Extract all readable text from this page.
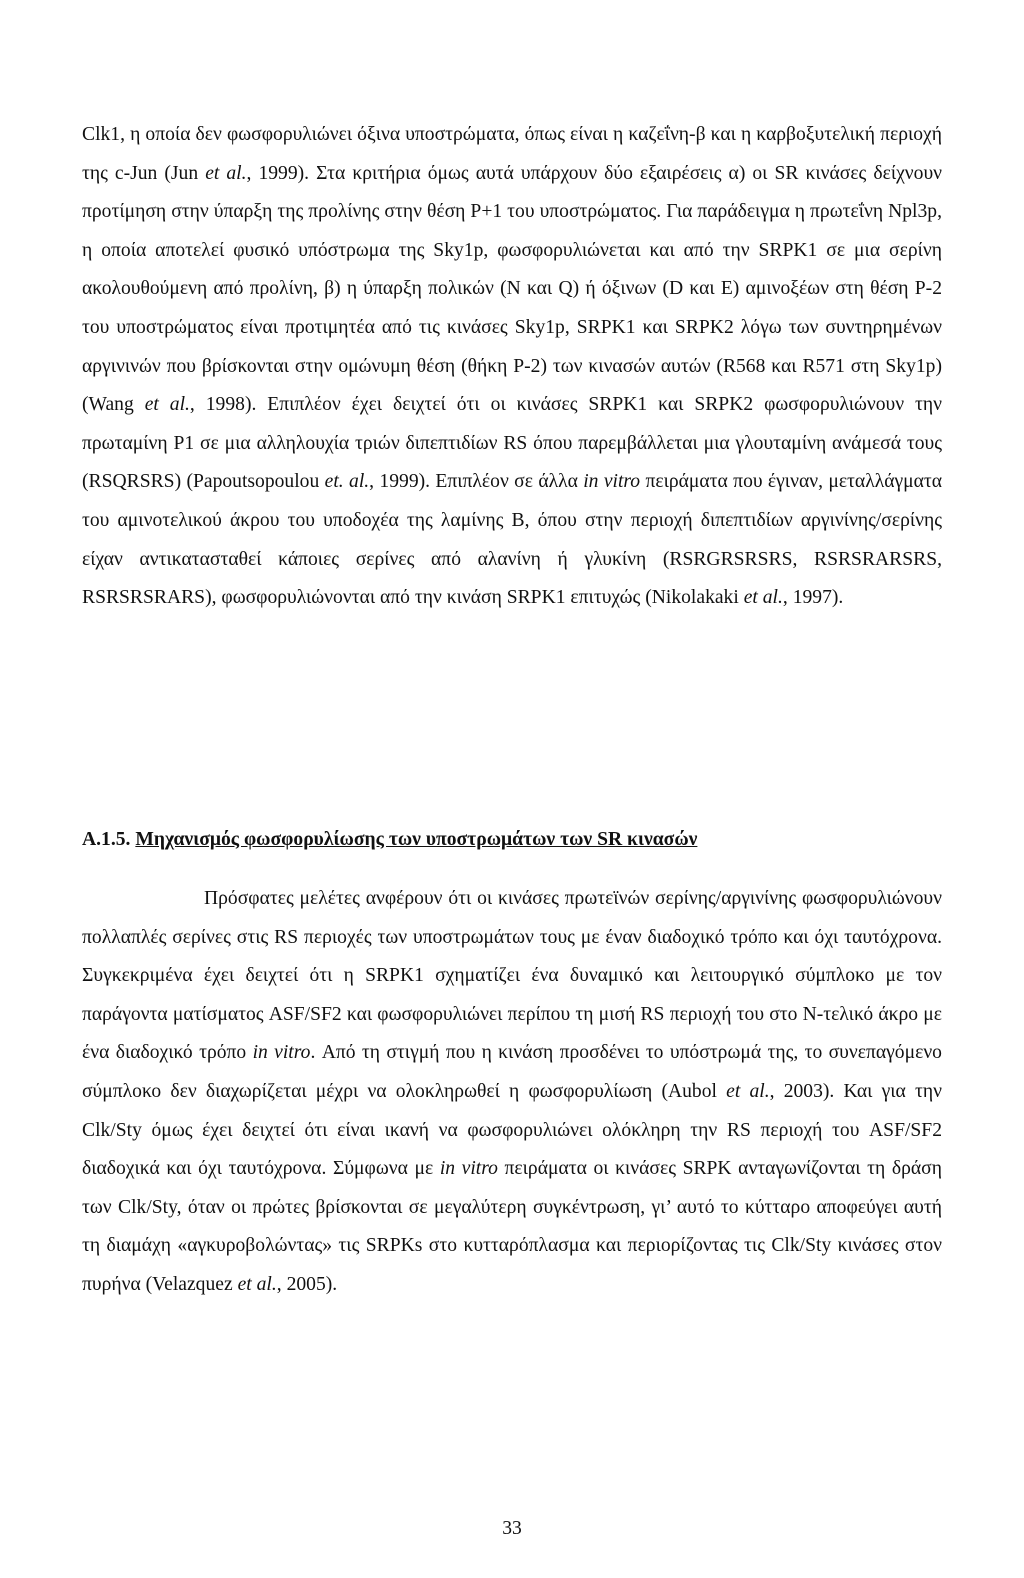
Clk1, η οποία δεν φωσφορυλιώνει όξινα υποστρώματα, όπως είναι η καζεΐνη-β και η καρβοξυτελική περιοχή της c-Jun (Jun et al., 1999). Στα κριτήρια όμως αυτά υπάρχουν δύο εξαιρέσεις α) οι SR κινάσες δείχνουν προτίμηση στην ύπαρξη της προλίνης στην θέση P+1 του υποστρώματος. Για παράδειγμα η πρωτεΐνη Npl3p, η οποία αποτελεί φυσικό υπόστρωμα της Sky1p, φωσφορυλιώνεται και από την SRPK1 σε μια σερίνη ακολουθούμενη από προλίνη, β) η ύπαρξη πολικών (N και Q) ή όξινων (D και E) αμινοξέων στη θέση P-2 του υποστρώματος είναι προτιμητέα από τις κινάσες Sky1p, SRPK1 και SRPK2 λόγω των συντηρημένων αργινινών που βρίσκονται στην ομώνυμη θέση (θήκη P-2) των κινασών αυτών (R568 και R571 στη Sky1p) (Wang et al., 1998). Επιπλέον έχει δειχτεί ότι οι κινάσες SRPK1 και SRPK2 φωσφορυλιώνουν την πρωταμίνη P1 σε μια αλληλουχία τριών διπεπτιδίων RS όπου παρεμβάλλεται μια γλουταμίνη ανάμεσά τους (RSQRSRS) (Papoutsopoulou et. al., 1999). Επιπλέον σε άλλα in vitro πειράματα που έγιναν, μεταλλάγματα του αμινοτελικού άκρου του υποδοχέα της λαμίνης B, όπου στην περιοχή διπεπτιδίων αργινίνης/σερίνης είχαν αντικατασταθεί κάποιες σερίνες από αλανίνη ή γλυκίνη (RSRGRSRSRS, RSRSRARSRS, RSRSRSRARS), φωσφορυλιώνονται από την κινάση SRPK1 επιτυχώς (Nikolakaki et al., 1997).

A.1.5. Μηχανισμός φωσφορυλίωσης των υποστρωμάτων των SR κινασών

Πρόσφατες μελέτες ανφέρουν ότι οι κινάσες πρωτεϊνών σερίνης/αργινίνης φωσφορυλιώνουν πολλαπλές σερίνες στις RS περιοχές των υποστρωμάτων τους με έναν διαδοχικό τρόπο και όχι ταυτόχρονα. Συγκεκριμένα έχει δειχτεί ότι η SRPK1 σχηματίζει ένα δυναμικό και λειτουργικό σύμπλοκο με τον παράγοντα ματίσματος ASF/SF2 και φωσφορυλιώνει περίπου τη μισή RS περιοχή του στο N-τελικό άκρο με ένα διαδοχικό τρόπο in vitro. Από τη στιγμή που η κινάση προσδένει το υπόστρωμά της, το συνεπαγόμενο σύμπλοκο δεν διαχωρίζεται μέχρι να ολοκληρωθεί η φωσφορυλίωση (Aubol et al., 2003). Και για την Clk/Sty όμως έχει δειχτεί ότι είναι ικανή να φωσφορυλιώνει ολόκληρη την RS περιοχή του ASF/SF2 διαδοχικά και όχι ταυτόχρονα. Σύμφωνα με in vitro πειράματα οι κινάσες SRPK ανταγωνίζονται τη δράση των Clk/Sty, όταν οι πρώτες βρίσκονται σε μεγαλύτερη συγκέντρωση, γι’ αυτό το κύτταρο αποφεύγει αυτή τη διαμάχη «αγκυροβολώντας» τις SRPKs στο κυτταρόπλασμα και περιορίζοντας τις Clk/Sty κινάσες στον πυρήνα (Velazquez et al., 2005).

33
